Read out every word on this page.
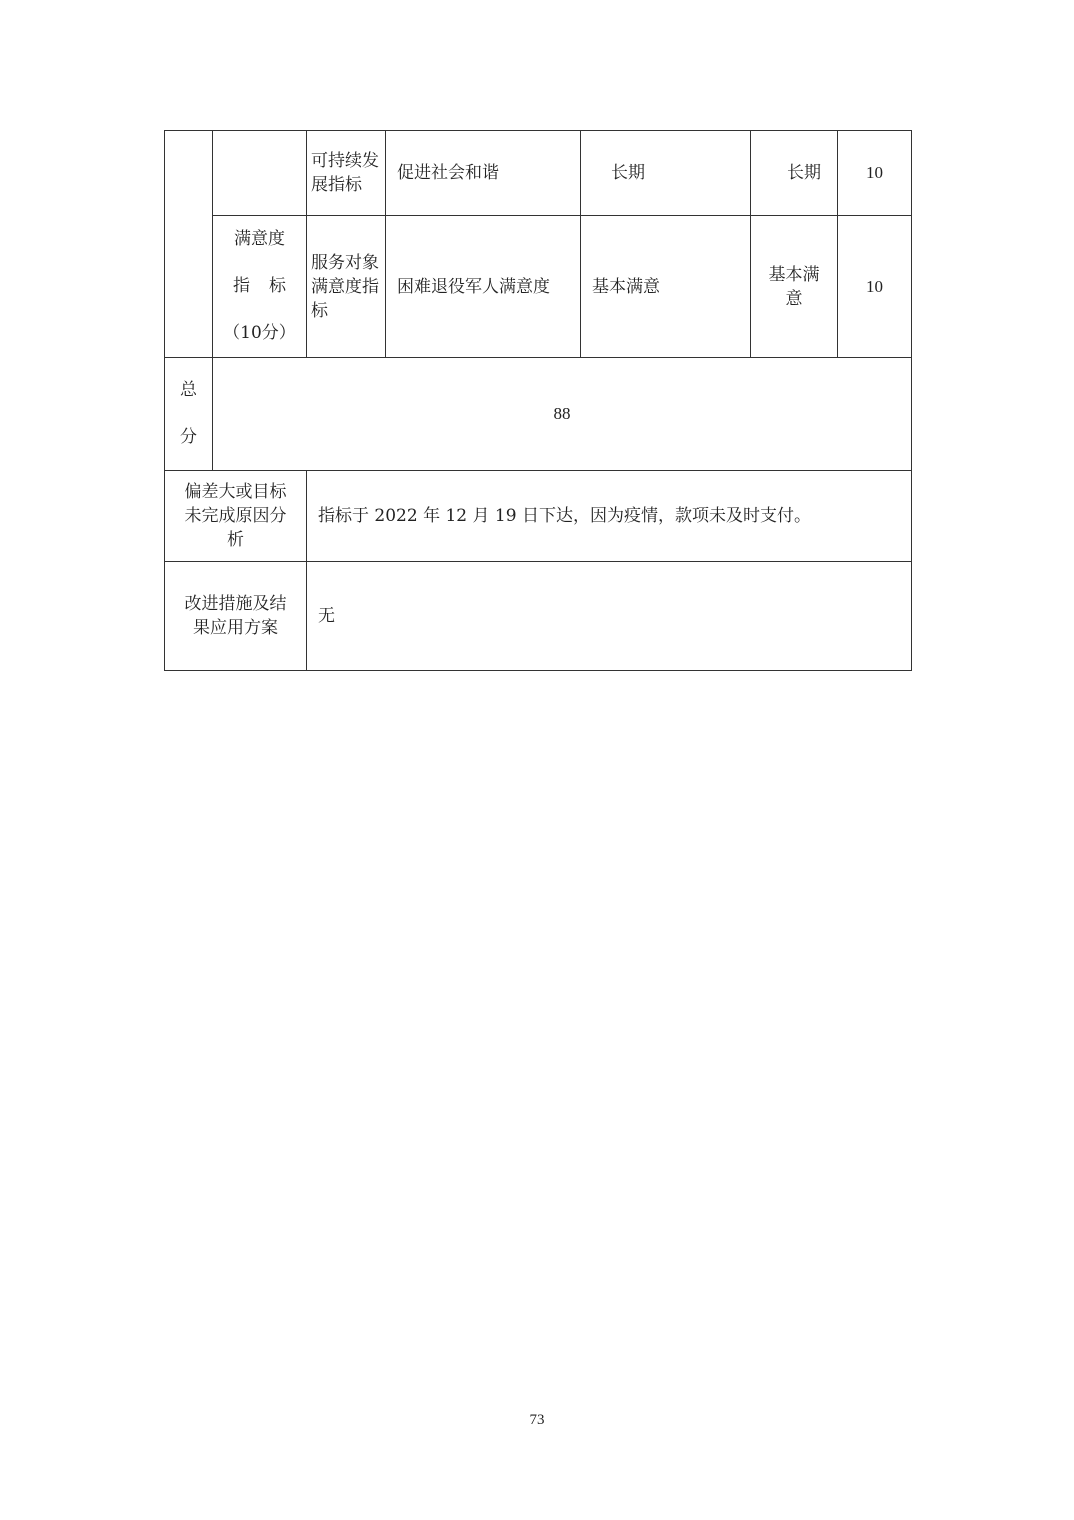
		可持续发展指标	促进社会和谐	长期	长期	10

	满意度
指 标
（10分）	服务对象满意度指标	困难退役军人满意度	基本满意	基本满意	10

总
分	88					
偏差大或目标未完成原因分析		指标于 2022 年 12 月 19 日下达，因为疫情，款项未及时支付。				
改进措施及结果应用方案		无				
73
